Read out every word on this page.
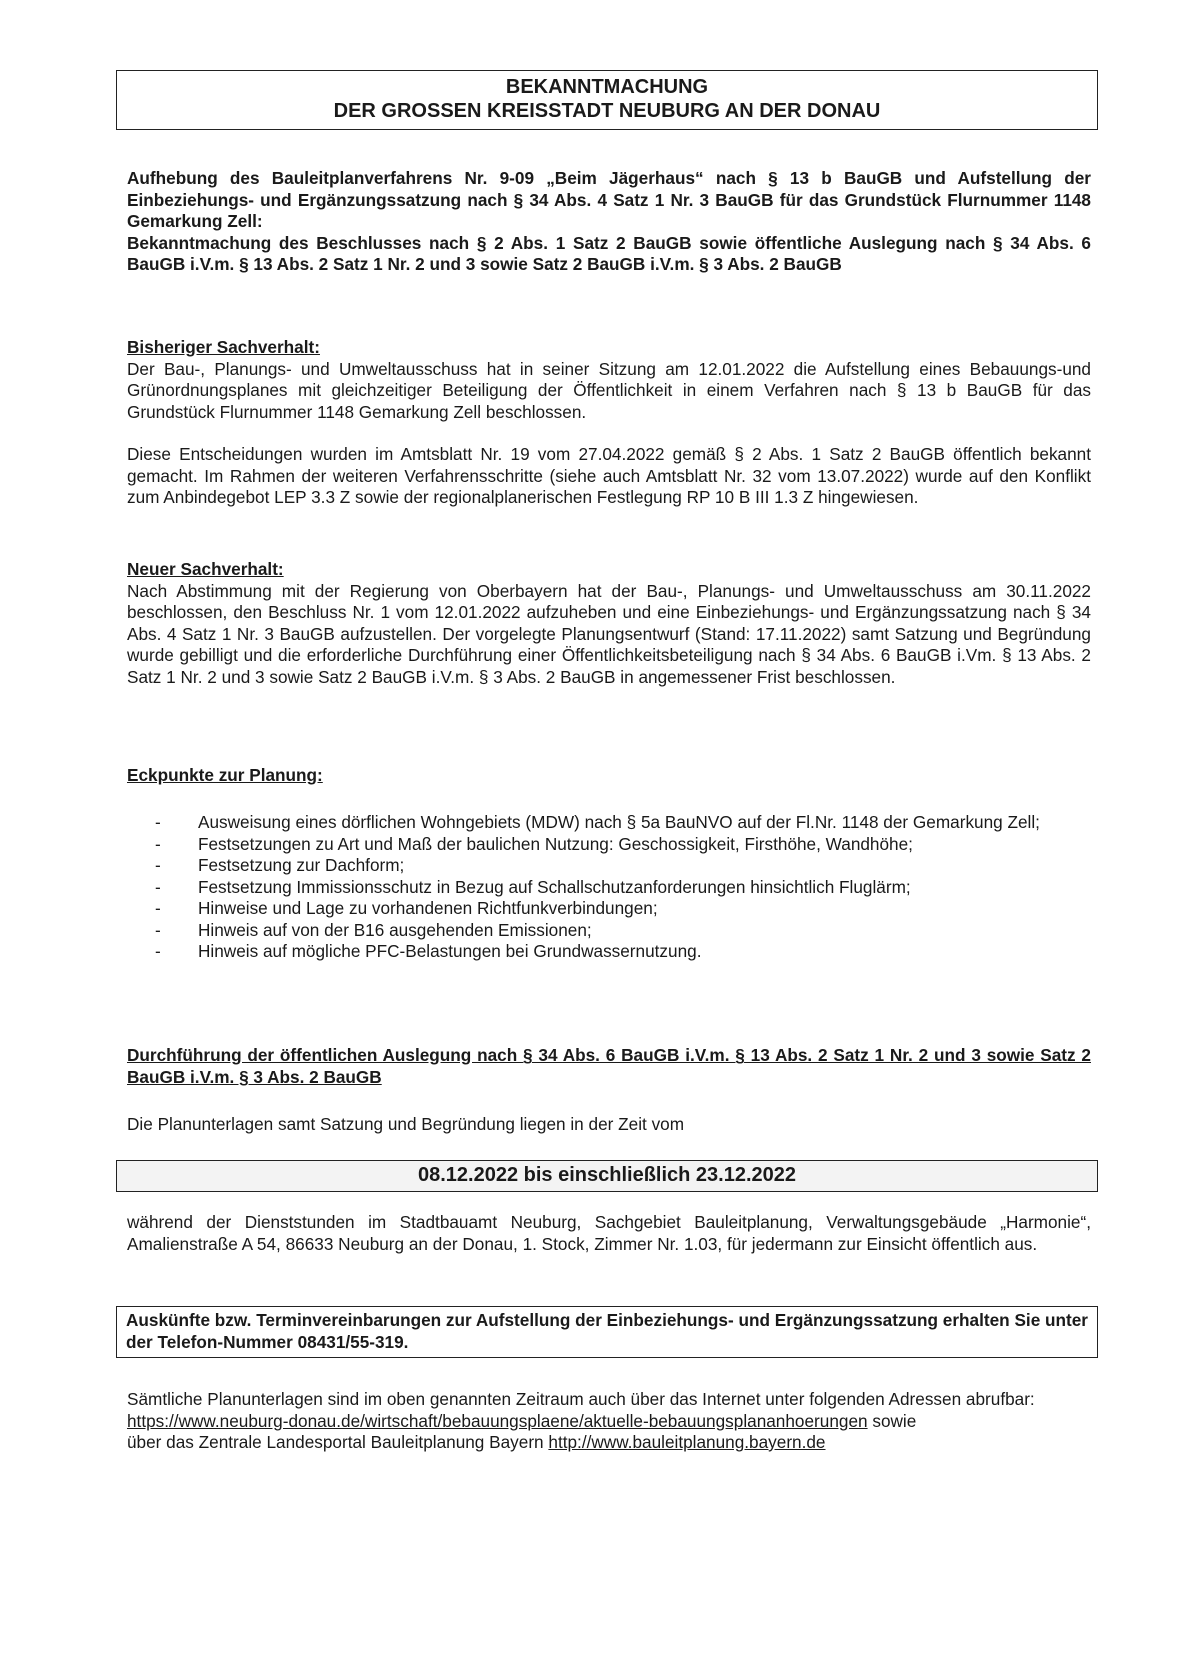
BEKANNTMACHUNG
DER GROSSEN KREISSTADT NEUBURG AN DER DONAU
Aufhebung des Bauleitplanverfahrens Nr. 9-09 „Beim Jägerhaus“ nach § 13 b BauGB und Aufstellung der Einbeziehungs- und Ergänzungssatzung nach § 34 Abs. 4 Satz 1 Nr. 3 BauGB für das Grundstück Flurnummer 1148 Gemarkung Zell:
Bekanntmachung des Beschlusses nach § 2 Abs. 1 Satz 2 BauGB sowie öffentliche Auslegung nach § 34 Abs. 6 BauGB i.V.m. § 13 Abs. 2 Satz 1 Nr. 2 und 3 sowie Satz 2 BauGB i.V.m. § 3 Abs. 2 BauGB
Bisheriger Sachverhalt:
Der Bau-, Planungs- und Umweltausschuss hat in seiner Sitzung am 12.01.2022 die Aufstellung eines Bebauungs-und Grünordnungsplanes mit gleichzeitiger Beteiligung der Öffentlichkeit in einem Verfahren nach § 13 b BauGB für das Grundstück Flurnummer 1148 Gemarkung Zell beschlossen.
Diese Entscheidungen wurden im Amtsblatt Nr. 19 vom 27.04.2022 gemäß § 2 Abs. 1 Satz 2 BauGB öffentlich bekannt gemacht. Im Rahmen der weiteren Verfahrensschritte (siehe auch Amtsblatt Nr. 32 vom 13.07.2022) wurde auf den Konflikt zum Anbindegebot LEP 3.3 Z sowie der regionalplanerischen Festlegung RP 10 B III 1.3 Z hingewiesen.
Neuer Sachverhalt:
Nach Abstimmung mit der Regierung von Oberbayern hat der Bau-, Planungs- und Umweltausschuss am 30.11.2022 beschlossen, den Beschluss Nr. 1 vom 12.01.2022 aufzuheben und eine Einbeziehungs- und Ergänzungssatzung nach § 34 Abs. 4 Satz 1 Nr. 3 BauGB aufzustellen. Der vorgelegte Planungsentwurf (Stand: 17.11.2022) samt Satzung und Begründung wurde gebilligt und die erforderliche Durchführung einer Öffentlichkeitsbeteiligung nach § 34 Abs. 6 BauGB i.Vm. § 13 Abs. 2 Satz 1 Nr. 2 und 3 sowie Satz 2 BauGB i.V.m. § 3 Abs. 2 BauGB in angemessener Frist beschlossen.
Eckpunkte zur Planung:
-	Ausweisung eines dörflichen Wohngebiets (MDW) nach § 5a BauNVO auf der Fl.Nr. 1148 der Gemarkung Zell;
-	Festsetzungen zu Art und Maß der baulichen Nutzung: Geschossigkeit, Firsthöhe, Wandhöhe;
-	Festsetzung zur Dachform;
-	Festsetzung Immissionsschutz in Bezug auf Schallschutzanforderungen hinsichtlich Fluglärm;
-	Hinweise und Lage zu vorhandenen Richtfunkverbindungen;
-	Hinweis auf von der B16 ausgehenden Emissionen;
-	Hinweis auf mögliche PFC-Belastungen bei Grundwassernutzung.
Durchführung der öffentlichen Auslegung nach § 34 Abs. 6 BauGB i.V.m. § 13 Abs. 2 Satz 1 Nr. 2 und 3 sowie Satz 2 BauGB i.V.m. § 3 Abs. 2 BauGB
Die Planunterlagen samt Satzung und Begründung liegen in der Zeit vom
08.12.2022 bis einschließlich 23.12.2022
während der Dienststunden im Stadtbauamt Neuburg, Sachgebiet Bauleitplanung, Verwaltungsgebäude „Harmonie“, Amalienstraße A 54, 86633 Neuburg an der Donau, 1. Stock, Zimmer Nr. 1.03, für jedermann zur Einsicht öffentlich aus.
Auskünfte bzw. Terminvereinbarungen zur Aufstellung der Einbeziehungs- und Ergänzungssatzung erhalten Sie unter der Telefon-Nummer 08431/55-319.
Sämtliche Planunterlagen sind im oben genannten Zeitraum auch über das Internet unter folgenden Adressen abrufbar:
https://www.neuburg-donau.de/wirtschaft/bebauungsplaene/aktuelle-bebauungsplananhoerungen sowie
über das Zentrale Landesportal Bauleitplanung Bayern http://www.bauleitplanung.bayern.de
